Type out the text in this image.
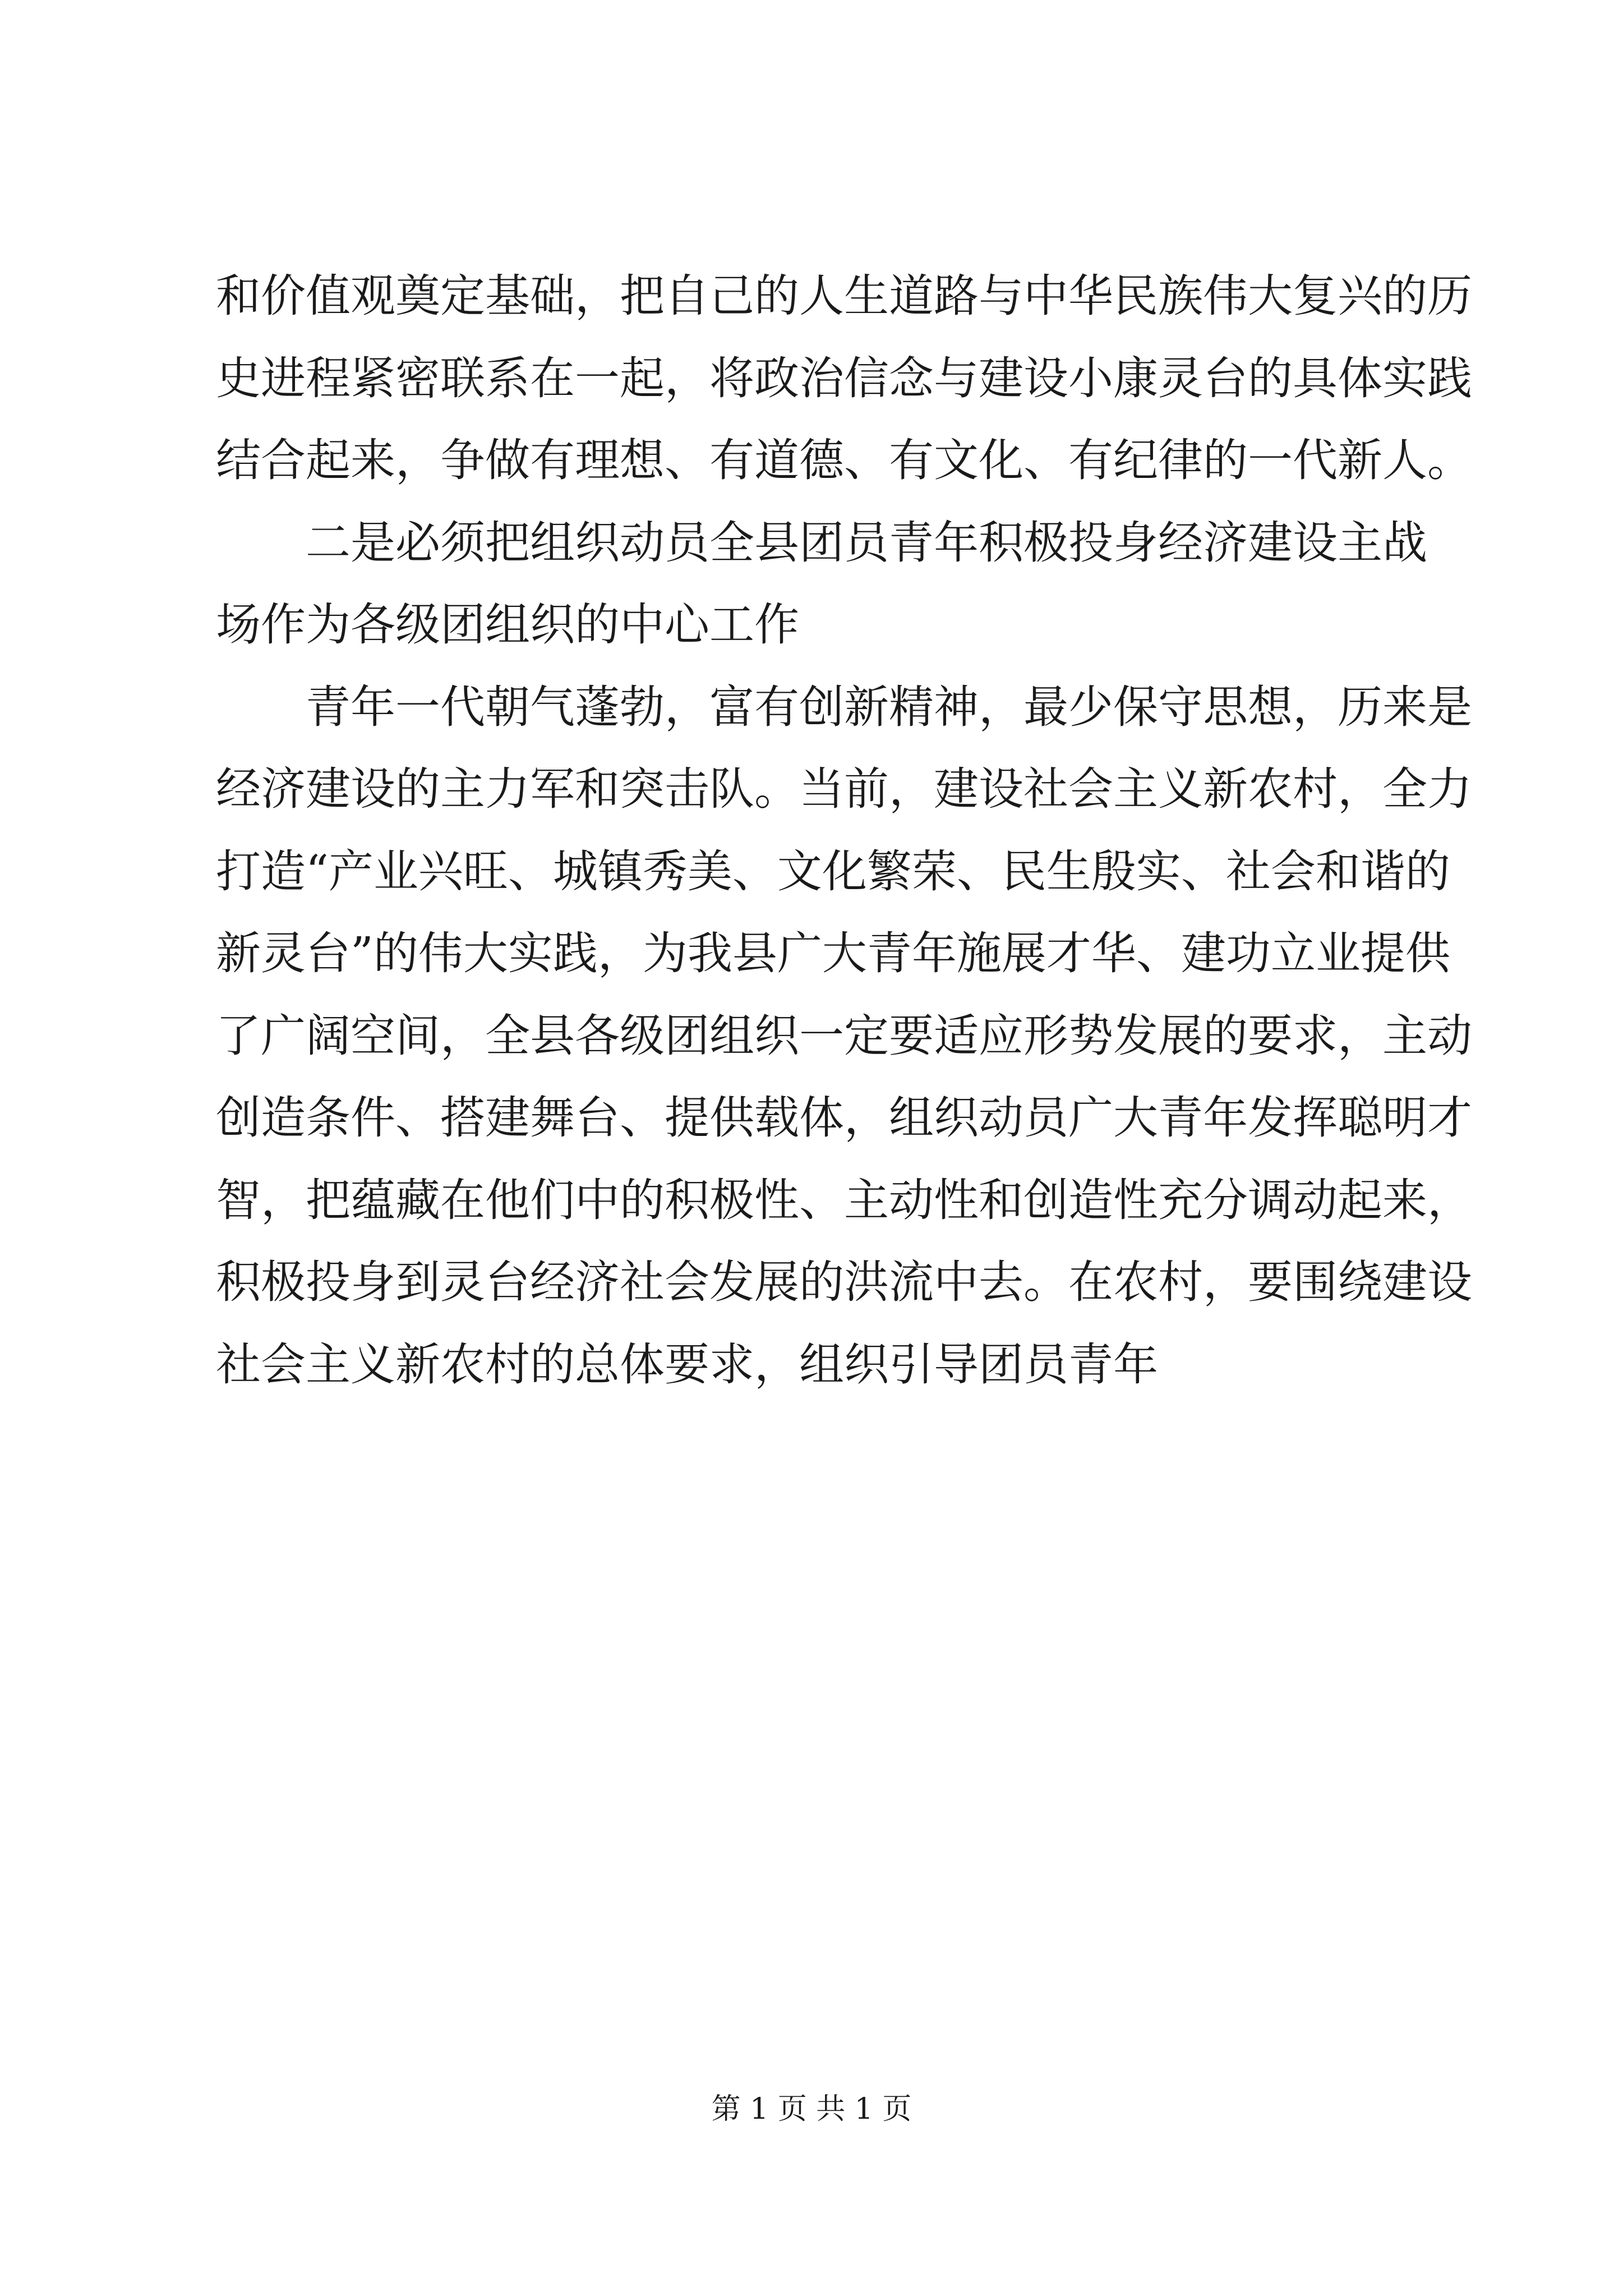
和价值观奠定基础，把自己的人生道路与中华民族伟大复兴的历
史进程紧密联系在一起，将政治信念与建设小康灵台的具体实践
结合起来，争做有理想、有道德、有文化、有纪律的一代新人。
二是必须把组织动员全县团员青年积极投身经济建设主战
场作为各级团组织的中心工作
青年一代朝气蓬勃，富有创新精神，最少保守思想，历来是
经济建设的主力军和突击队。当前，建设社会主义新农村，全力
打造“产业兴旺、城镇秀美、文化繁荣、民生殷实、社会和谐的
新灵台”的伟大实践，为我县广大青年施展才华、建功立业提供
了广阔空间，全县各级团组织一定要适应形势发展的要求，主动
创造条件、搭建舞台、提供载体，组织动员广大青年发挥聪明才
智，把蕴藏在他们中的积极性、主动性和创造性充分调动起来，
积极投身到灵台经济社会发展的洪流中去。在农村，要围绕建设
社会主义新农村的总体要求，组织引导团员青年
第 1 页 共 1 页
